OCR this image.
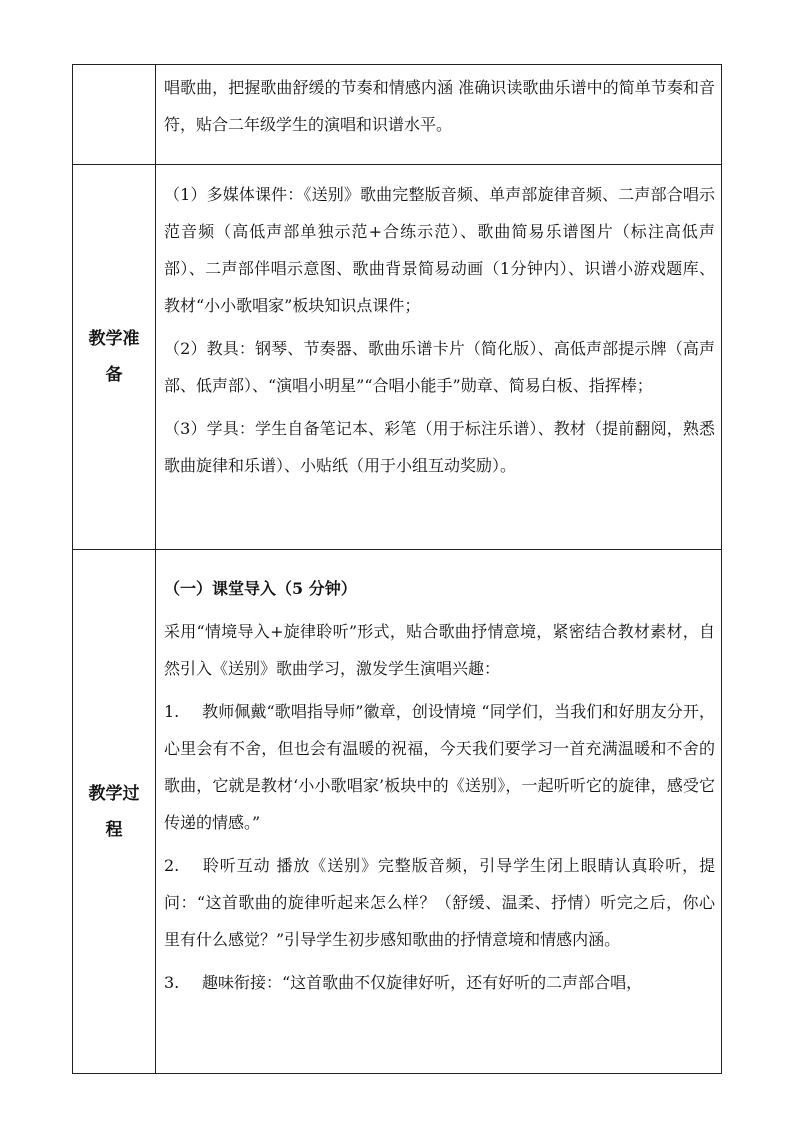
	唱歌曲，把握歌曲舒缓的节奏和情感内涵 准确识读歌曲乐谱中的简单节奏和音符，贴合二年级学生的演唱和识谱水平。

教学准备	（1）多媒体课件：《送别》歌曲完整版音频、单声部旋律音频、二声部合唱示范音频（高低声部单独示范+合练示范）、歌曲简易乐谱图片（标注高低声部）、二声部伴唱示意图、歌曲背景简易动画（1分钟内）、识谱小游戏题库、教材“小小歌唱家”板块知识点课件；

（2）教具：钢琴、节奏器、歌曲乐谱卡片（简化版）、高低声部提示牌（高声部、低声部）、“演唱小明星”“合唱小能手”勋章、简易白板、指挥棒；

（3）学具：学生自备笔记本、彩笔（用于标注乐谱）、教材（提前翻阅，熟悉歌曲旋律和乐谱）、小贴纸（用于小组互动奖励）。

教学过程	（一）课堂导入（5 分钟）

采用“情境导入+旋律聆听”形式，贴合歌曲抒情意境，紧密结合教材素材，自然引入《送别》歌曲学习，激发学生演唱兴趣：

1. 教师佩戴“歌唱指导师”徽章，创设情境 “同学们，当我们和好朋友分开，心里会有不舍，但也会有温暖的祝福，今天我们要学习一首充满温暖和不舍的歌曲，它就是教材‘小小歌唱家’板块中的《送别》，一起听听它的旋律，感受它传递的情感。”

2. 聆听互动 播放《送别》完整版音频，引导学生闭上眼睛认真聆听，提问：“这首歌曲的旋律听起来怎么样？（舒缓、温柔、抒情）听完之后，你心里有什么感觉？”引导学生初步感知歌曲的抒情意境和情感内涵。

3. 趣味衔接：“这首歌曲不仅旋律好听，还有好听的二声部合唱，
